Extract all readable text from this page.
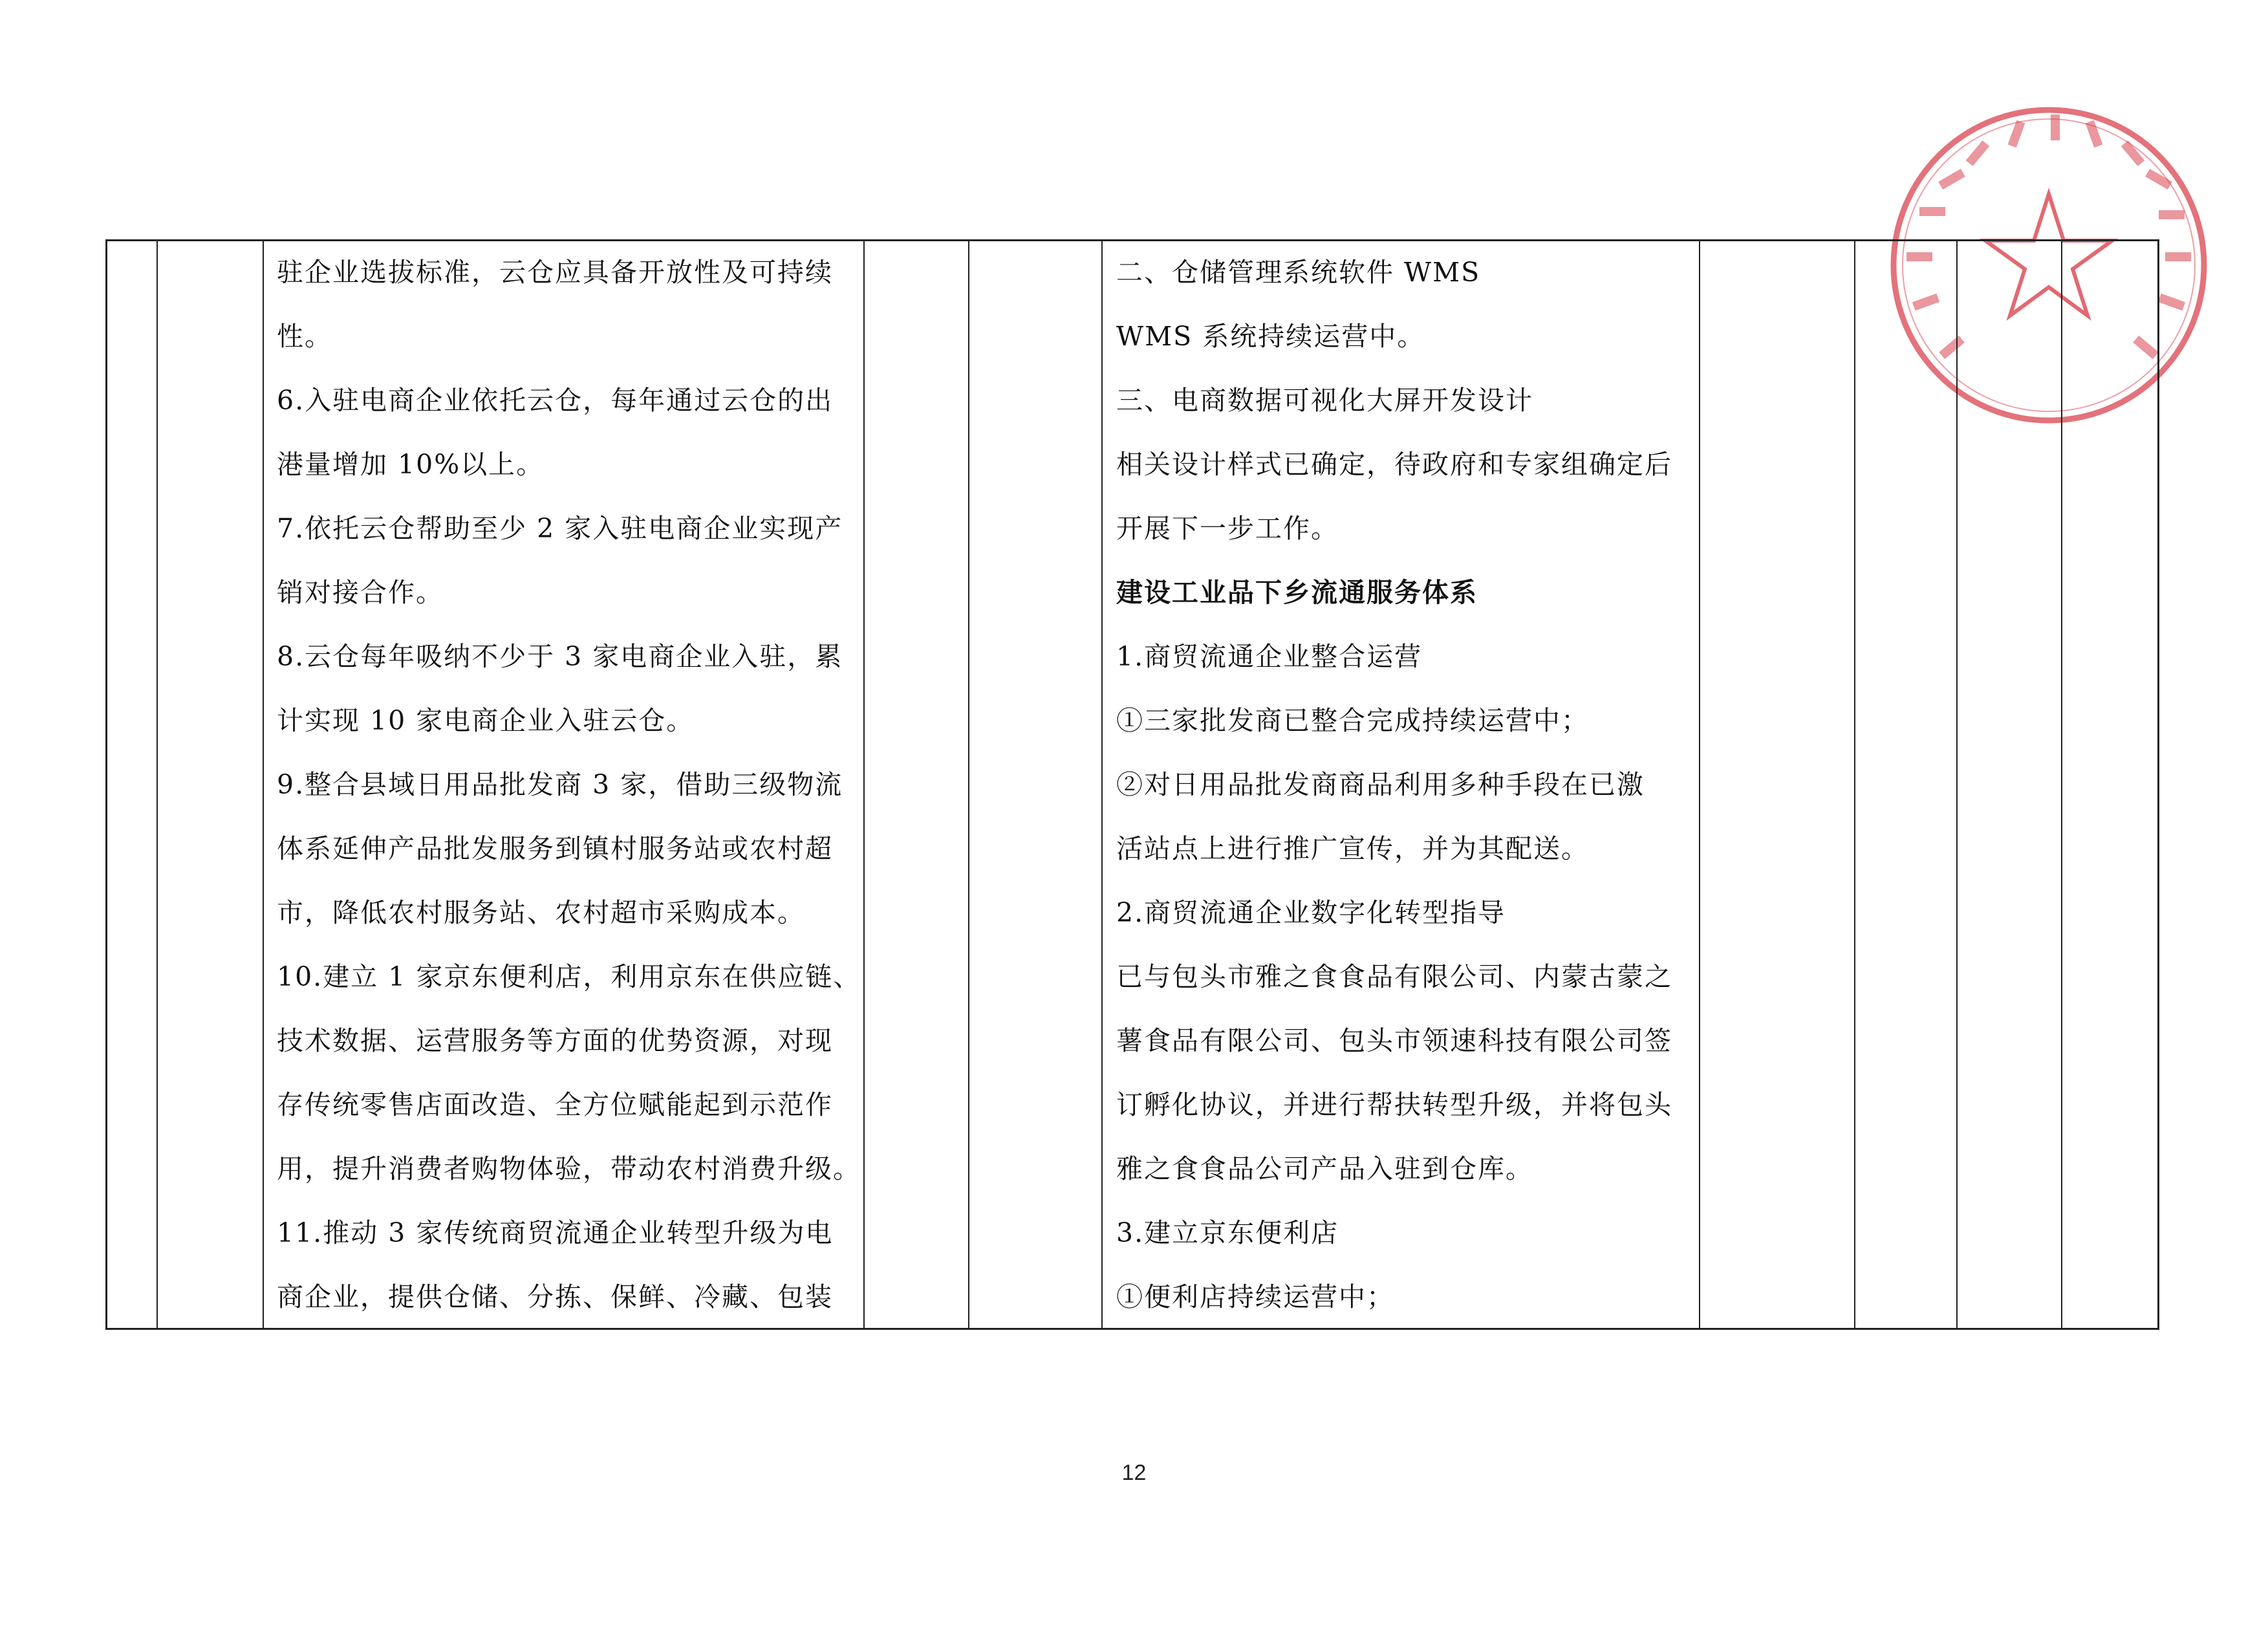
驻企业选拔标准，云仓应具备开放性及可持续
性。
6.入驻电商企业依托云仓，每年通过云仓的出
港量增加 10%以上。
7.依托云仓帮助至少 2 家入驻电商企业实现产
销对接合作。
8.云仓每年吸纳不少于 3 家电商企业入驻，累
计实现 10 家电商企业入驻云仓。
9.整合县域日用品批发商 3 家，借助三级物流
体系延伸产品批发服务到镇村服务站或农村超
市，降低农村服务站、农村超市采购成本。
10.建立 1 家京东便利店，利用京东在供应链、
技术数据、运营服务等方面的优势资源，对现
存传统零售店面改造、全方位赋能起到示范作
用，提升消费者购物体验，带动农村消费升级。
11.推动 3 家传统商贸流通企业转型升级为电
商企业，提供仓储、分拣、保鲜、冷藏、包装
二、仓储管理系统软件 WMS
WMS 系统持续运营中。
三、电商数据可视化大屏开发设计
相关设计样式已确定，待政府和专家组确定后
开展下一步工作。
建设工业品下乡流通服务体系
1.商贸流通企业整合运营
①三家批发商已整合完成持续运营中；
②对日用品批发商商品利用多种手段在已激
活站点上进行推广宣传，并为其配送。
2.商贸流通企业数字化转型指导
已与包头市雅之食食品有限公司、内蒙古蒙之
薯食品有限公司、包头市领速科技有限公司签
订孵化协议，并进行帮扶转型升级，并将包头
雅之食食品公司产品入驻到仓库。
3.建立京东便利店
①便利店持续运营中；
12
